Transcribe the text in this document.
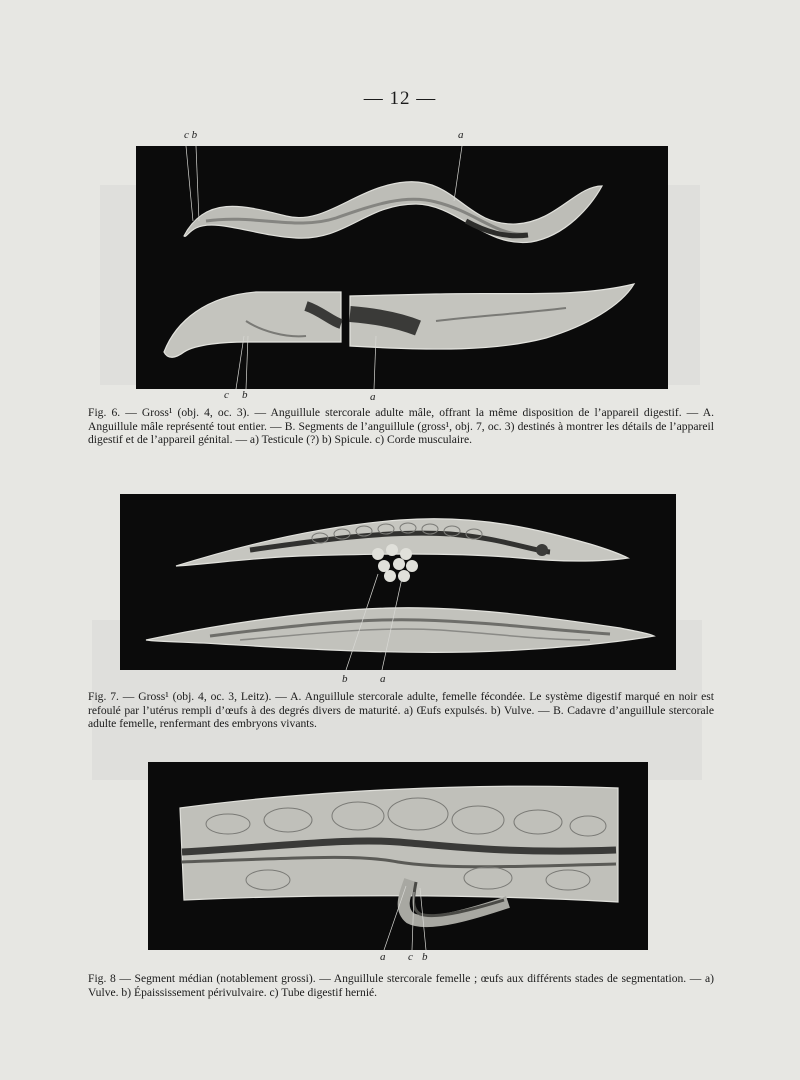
— 12 —
c b	a
c b	a
Fig. 6. — Gross¹ (obj. 4, oc. 3). — Anguillule stercorale adulte mâle, offrant la même disposition de l’appareil digestif. — A. Anguillule mâle représenté tout entier. — B. Segments de l’anguillule (gross¹, obj. 7, oc. 3) destinés à montrer les détails de l’appareil digestif et de l’appareil génital. — a) Testicule (?) b) Spicule. c) Corde musculaire.
b	a
Fig. 7. — Gross¹ (obj. 4, oc. 3, Leitz). — A. Anguillule stercorale adulte, femelle fécondée. Le système digestif marqué en noir est refoulé par l’utérus rempli d’œufs à des degrés divers de maturité. a) Œufs expulsés. b) Vulve. — B. Cadavre d’anguillule stercorale adulte femelle, renfermant des embryons vivants.
a c b
Fig. 8 — Segment médian (notablement grossi). — Anguillule stercorale femelle ; œufs aux différents stades de segmentation. — a) Vulve. b) Épaississement périvulvaire. c) Tube digestif hernié.
